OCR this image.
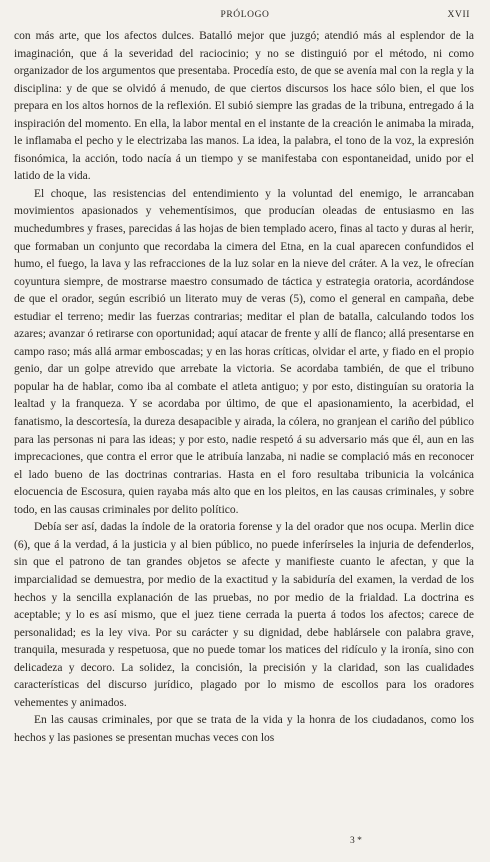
PRÓLOGO	XVII

con más arte, que los afectos dulces. Batalló mejor que juzgó; atendió más al esplendor de la imaginación, que á la severidad del raciocinio; y no se distinguió por el método, ni como organizador de los argumentos que presentaba. Procedía esto, de que se avenía mal con la regla y la disciplina: y de que se olvidó á menudo, de que ciertos discursos los hace sólo bien, el que los prepara en los altos hornos de la reflexión. El subió siempre las gradas de la tribuna, entregado á la inspiración del momento. En ella, la labor mental en el instante de la creación le animaba la mirada, le inflamaba el pecho y le electrizaba las manos. La idea, la palabra, el tono de la voz, la expresión fisonómica, la acción, todo nacía á un tiempo y se manifestaba con espontaneidad, unido por el latido de la vida.

El choque, las resistencias del entendimiento y la voluntad del enemigo, le arrancaban movimientos apasionados y vehementísimos, que producían oleadas de entusiasmo en las muchedumbres y frases, parecidas á las hojas de bien templado acero, finas al tacto y duras al herir, que formaban un conjunto que recordaba la cimera del Etna, en la cual aparecen confundidos el humo, el fuego, la lava y las refracciones de la luz solar en la nieve del cráter. A la vez, le ofrecían coyuntura siempre, de mostrarse maestro consumado de táctica y estrategia oratoria, acordándose de que el orador, según escribió un literato muy de veras (5), como el general en campaña, debe estudiar el terreno; medir las fuerzas contrarias; meditar el plan de batalla, calculando todos los azares; avanzar ó retirarse con oportunidad; aquí atacar de frente y allí de flanco; allá presentarse en campo raso; más allá armar emboscadas; y en las horas críticas, olvidar el arte, y fiado en el propio genio, dar un golpe atrevido que arrebate la victoria. Se acordaba también, de que el tribuno popular ha de hablar, como iba al combate el atleta antiguo; y por esto, distinguían su oratoria la lealtad y la franqueza. Y se acordaba por último, de que el apasionamiento, la acerbidad, el fanatismo, la descortesía, la dureza desapacible y airada, la cólera, no granjean el cariño del público para las personas ni para las ideas; y por esto, nadie respetó á su adversario más que él, aun en las imprecaciones, que contra el error que le atribuía lanzaba, ni nadie se complació más en reconocer el lado bueno de las doctrinas contrarias. Hasta en el foro resultaba tribunicia la volcánica elocuencia de Escosura, quien rayaba más alto que en los pleitos, en las causas criminales, y sobre todo, en las causas criminales por delito político.

Debía ser así, dadas la índole de la oratoria forense y la del orador que nos ocupa. Merlin dice (6), que á la verdad, á la justicia y al bien público, no puede inferírseles la injuria de defenderlos, sin que el patrono de tan grandes objetos se afecte y manifieste cuanto le afectan, y que la imparcialidad se demuestra, por medio de la exactitud y la sabiduría del examen, la verdad de los hechos y la sencilla explanación de las pruebas, no por medio de la frialdad. La doctrina es aceptable; y lo es así mismo, que el juez tiene cerrada la puerta á todos los afectos; carece de personalidad; es la ley viva. Por su carácter y su dignidad, debe hablársele con palabra grave, tranquila, mesurada y respetuosa, que no puede tomar los matices del ridículo y la ironía, sino con delicadeza y decoro. La solidez, la concisión, la precisión y la claridad, son las cualidades características del discurso jurídico, plagado por lo mismo de escollos para los oradores vehementes y animados.

En las causas criminales, por que se trata de la vida y la honra de los ciudadanos, como los hechos y las pasiones se presentan muchas veces con los

3 *
